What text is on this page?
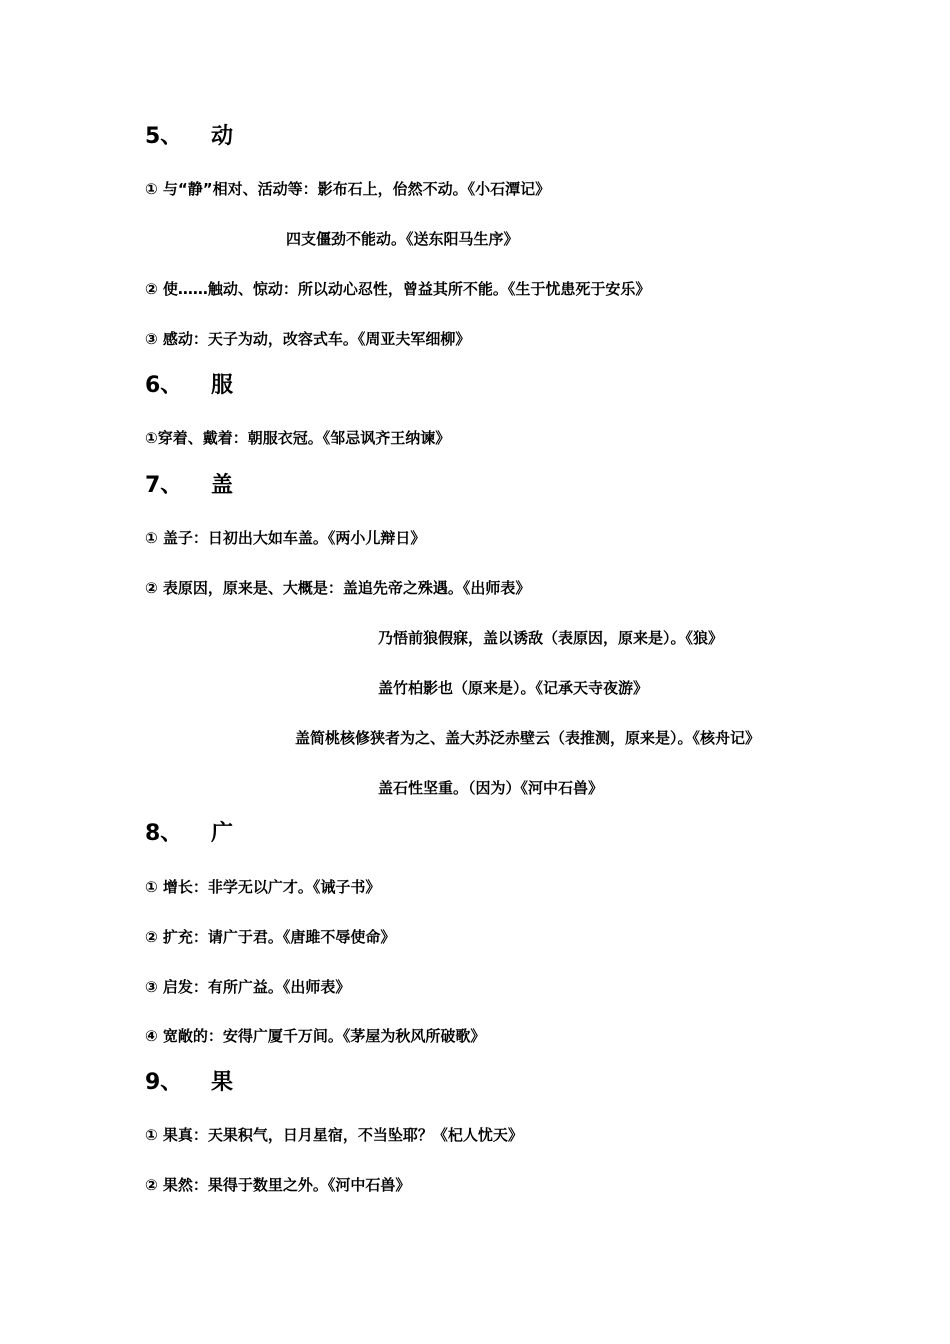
5、 动
① 与“静”相对、活动等：影布石上，佁然不动。《小石潭记》
四支僵劲不能动。《送东阳马生序》
② 使……触动、惊动：所以动心忍性，曾益其所不能。《生于忧患死于安乐》
③ 感动：天子为动，改容式车。《周亚夫军细柳》
6、 服
①穿着、戴着：朝服衣冠。《邹忌讽齐王纳谏》
7、 盖
① 盖子：日初出大如车盖。《两小儿辩日》
② 表原因，原来是、大概是：盖追先帝之殊遇。《出师表》
乃悟前狼假寐，盖以诱敌（表原因，原来是）。《狼》
盖竹柏影也（原来是）。《记承天寺夜游》
盖简桃核修狭者为之、盖大苏泛赤壁云（表推测，原来是）。《核舟记》
盖石性坚重。（因为）《河中石兽》
8、 广
① 增长：非学无以广才。《诫子书》
② 扩充：请广于君。《唐雎不辱使命》
③ 启发：有所广益。《出师表》
④ 宽敞的：安得广厦千万间。《茅屋为秋风所破歌》
9、 果
① 果真：天果积气，日月星宿，不当坠耶？《杞人忧天》
② 果然：果得于数里之外。《河中石兽》
